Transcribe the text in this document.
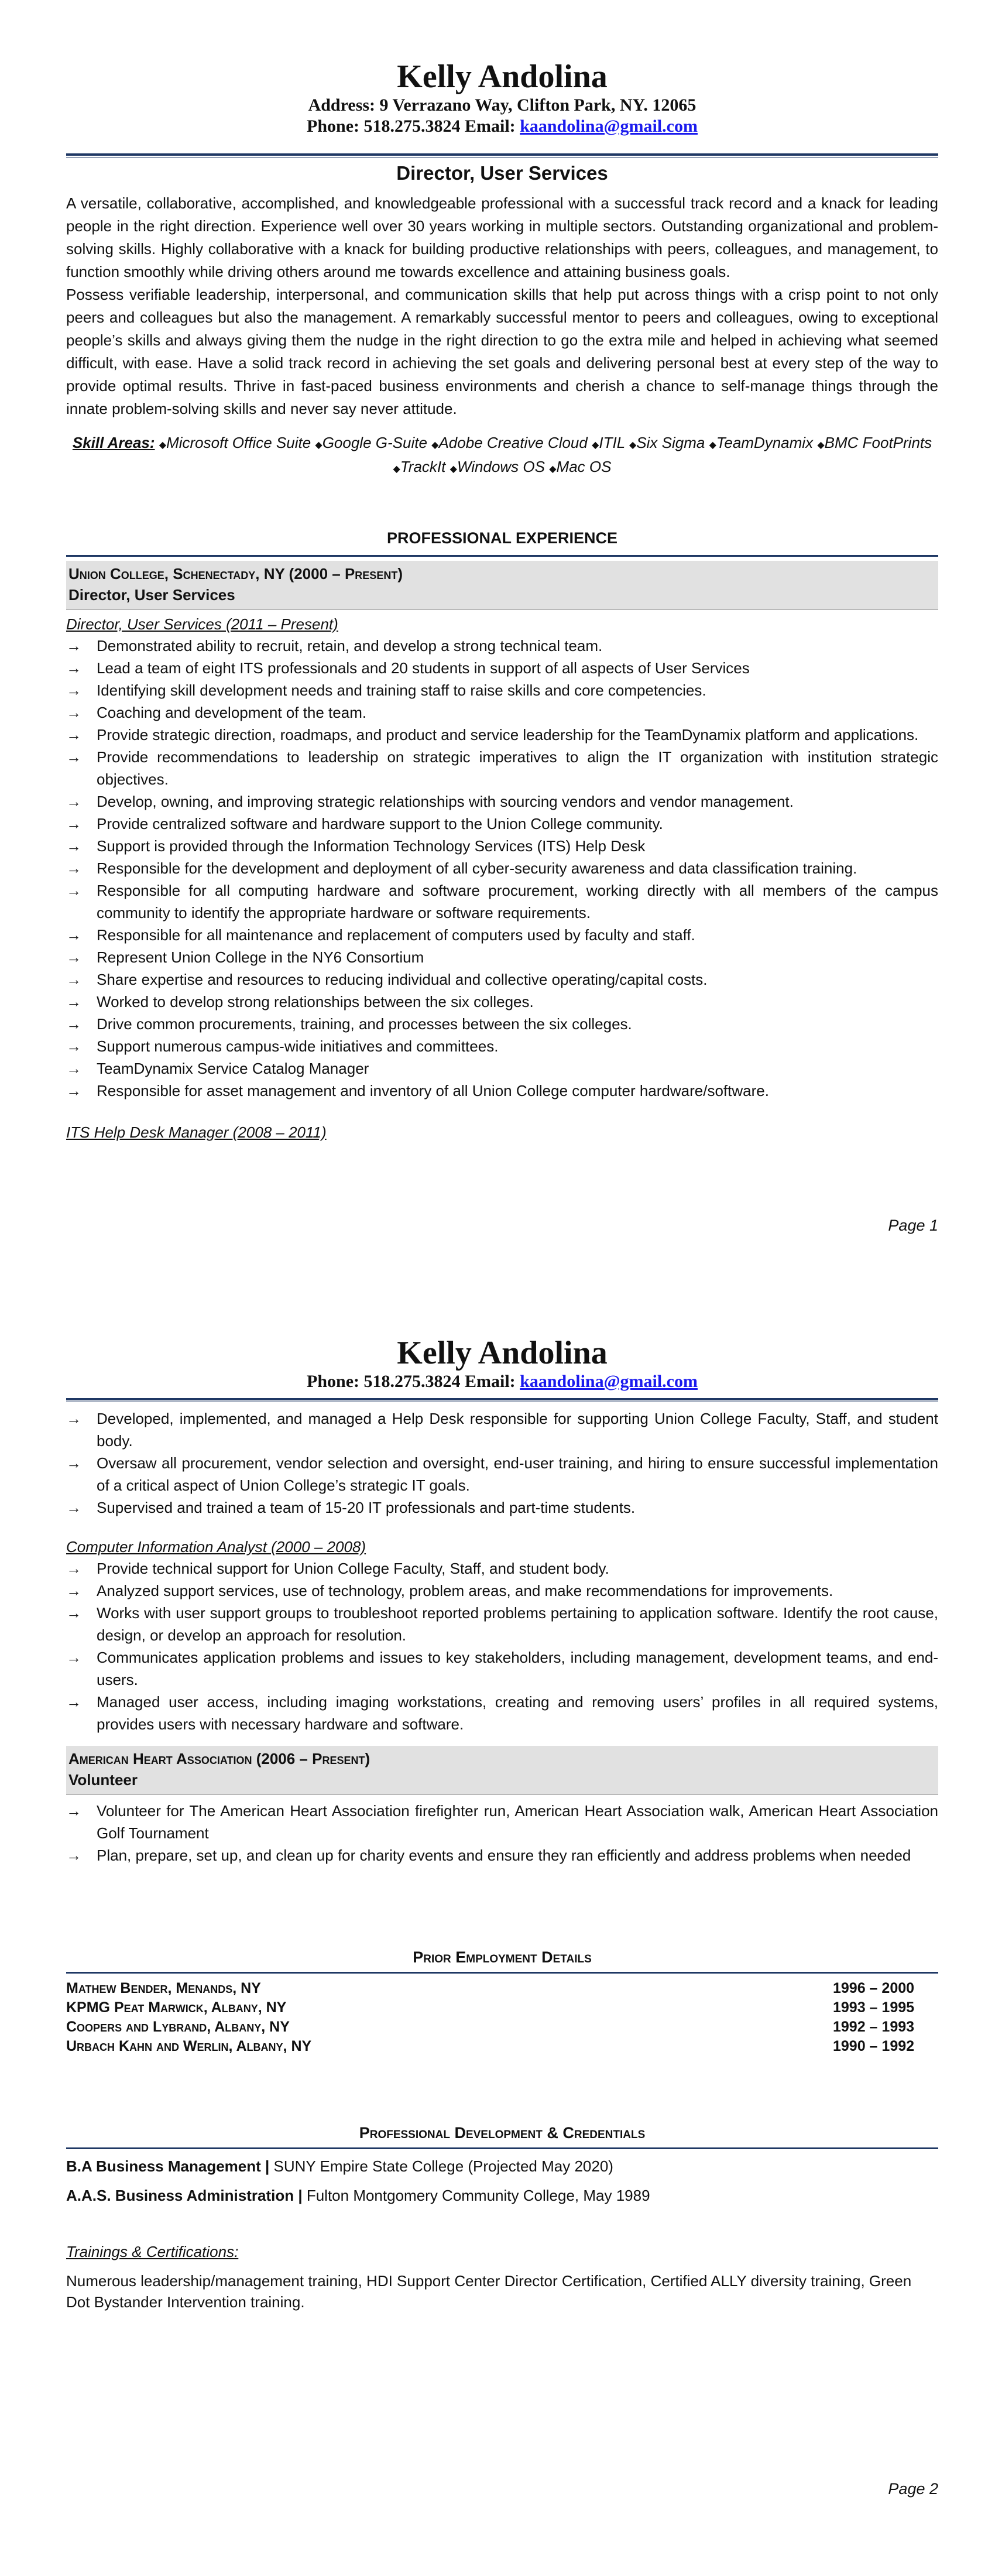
Kelly Andolina
Address: 9 Verrazano Way, Clifton Park, NY. 12065
Phone: 518.275.3824 Email: kaandolina@gmail.com
Director, User Services

A versatile, collaborative, accomplished, and knowledgeable professional with a successful track record and a knack for leading people in the right direction. Experience well over 30 years working in multiple sectors. Outstanding organizational and problem-solving skills. Highly collaborative with a knack for building productive relationships with peers, colleagues, and management, to function smoothly while driving others around me towards excellence and attaining business goals.

Possess verifiable leadership, interpersonal, and communication skills that help put across things with a crisp point to not only peers and colleagues but also the management. A remarkably successful mentor to peers and colleagues, owing to exceptional people’s skills and always giving them the nudge in the right direction to go the extra mile and helped in achieving what seemed difficult, with ease. Have a solid track record in achieving the set goals and delivering personal best at every step of the way to provide optimal results. Thrive in fast-paced business environments and cherish a chance to self-manage things through the innate problem-solving skills and never say never attitude.

Skill Areas: ◆Microsoft Office Suite ◆Google G-Suite ◆Adobe Creative Cloud ◆ITIL ◆Six Sigma ◆TeamDynamix ◆BMC FootPrints ◆TrackIt ◆Windows OS ◆Mac OS
PROFESSIONAL EXPERIENCE
Union College, Schenectady, NY (2000 – Present)
Director, User Services
Director, User Services (2011 – Present)
→	Demonstrated ability to recruit, retain, and develop a strong technical team.
→	Lead a team of eight ITS professionals and 20 students in support of all aspects of User Services
→	Identifying skill development needs and training staff to raise skills and core competencies.
→	Coaching and development of the team.
→	Provide strategic direction, roadmaps, and product and service leadership for the TeamDynamix platform and applications.
→	Provide recommendations to leadership on strategic imperatives to align the IT organization with institution strategic objectives.
→	Develop, owning, and improving strategic relationships with sourcing vendors and vendor management.
→	Provide centralized software and hardware support to the Union College community.
→	Support is provided through the Information Technology Services (ITS) Help Desk
→	Responsible for the development and deployment of all cyber-security awareness and data classification training.
→	Responsible for all computing hardware and software procurement, working directly with all members of the campus community to identify the appropriate hardware or software requirements.
→	Responsible for all maintenance and replacement of computers used by faculty and staff.
→	Represent Union College in the NY6 Consortium
→	Share expertise and resources to reducing individual and collective operating/capital costs.
→	Worked to develop strong relationships between the six colleges.
→	Drive common procurements, training, and processes between the six colleges.
→	Support numerous campus-wide initiatives and committees.
→	TeamDynamix Service Catalog Manager
→	Responsible for asset management and inventory of all Union College computer hardware/software.
ITS Help Desk Manager (2008 – 2011)
Page 1
Kelly Andolina
Phone: 518.275.3824 Email: kaandolina@gmail.com
→	Developed, implemented, and managed a Help Desk responsible for supporting Union College Faculty, Staff, and student body.
→	Oversaw all procurement, vendor selection and oversight, end-user training, and hiring to ensure successful implementation of a critical aspect of Union College’s strategic IT goals.
→	Supervised and trained a team of 15-20 IT professionals and part-time students.
Computer Information Analyst (2000 – 2008)
→	Provide technical support for Union College Faculty, Staff, and student body.
→	Analyzed support services, use of technology, problem areas, and make recommendations for improvements.
→	Works with user support groups to troubleshoot reported problems pertaining to application software. Identify the root cause, design, or develop an approach for resolution.
→	Communicates application problems and issues to key stakeholders, including management, development teams, and end-users.
→	Managed user access, including imaging workstations, creating and removing users’ profiles in all required systems, provides users with necessary hardware and software.
American Heart Association (2006 – Present)
Volunteer
→	Volunteer for The American Heart Association firefighter run, American Heart Association walk, American Heart Association Golf Tournament
→	Plan, prepare, set up, and clean up for charity events and ensure they ran efficiently and address problems when needed
Prior Employment Details
Mathew Bender, Menands, NY	1996 – 2000
KPMG Peat Marwick, Albany, NY	1993 – 1995
Coopers and Lybrand, Albany, NY	1992 – 1993
Urbach Kahn and Werlin, Albany, NY	1990 – 1992
Professional Development & Credentials
B.A Business Management | SUNY Empire State College (Projected May 2020)
A.A.S. Business Administration | Fulton Montgomery Community College, May 1989
Trainings & Certifications:
Numerous leadership/management training, HDI Support Center Director Certification, Certified ALLY diversity training, Green Dot Bystander Intervention training.
Page 2
